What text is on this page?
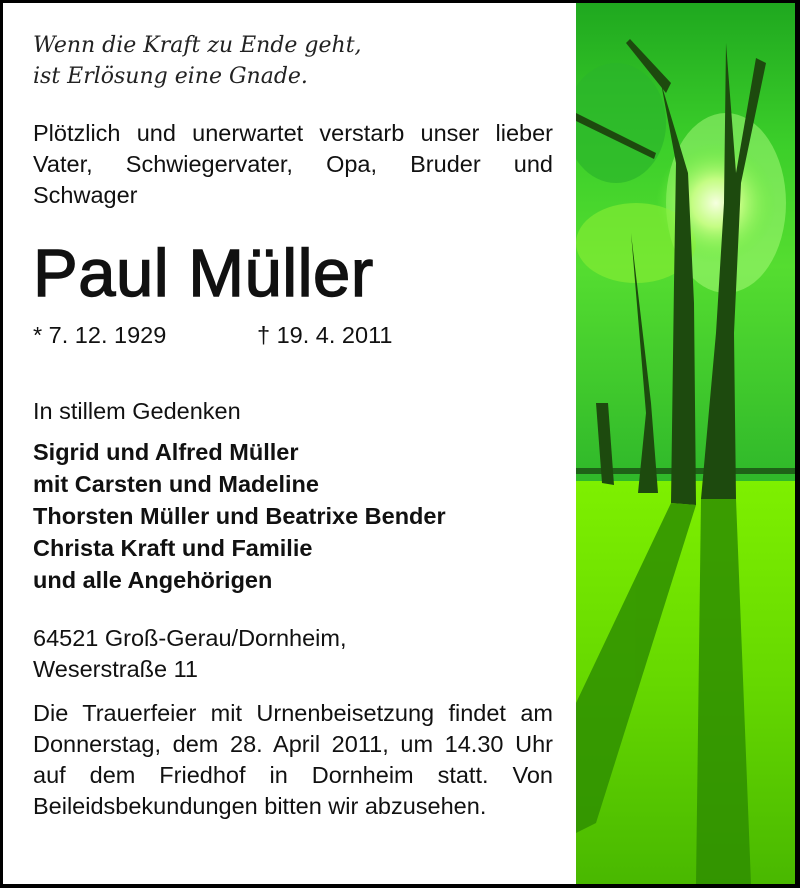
Wenn die Kraft zu Ende geht,
ist Erlösung eine Gnade.
Plötzlich und unerwartet verstarb unser lieber Vater, Schwiegervater, Opa, Bruder und Schwager
Paul Müller
* 7. 12. 1929	† 19. 4. 2011
In stillem Gedenken
Sigrid und Alfred Müller
mit Carsten und Madeline
Thorsten Müller und Beatrixe Bender
Christa Kraft und Familie
und alle Angehörigen
64521 Groß-Gerau/Dornheim,
Weserstraße 11
Die Trauerfeier mit Urnenbeisetzung findet am Donnerstag, dem 28. April 2011, um 14.30 Uhr auf dem Friedhof in Dornheim statt. Von Beileidsbekundungen bitten wir abzusehen.
